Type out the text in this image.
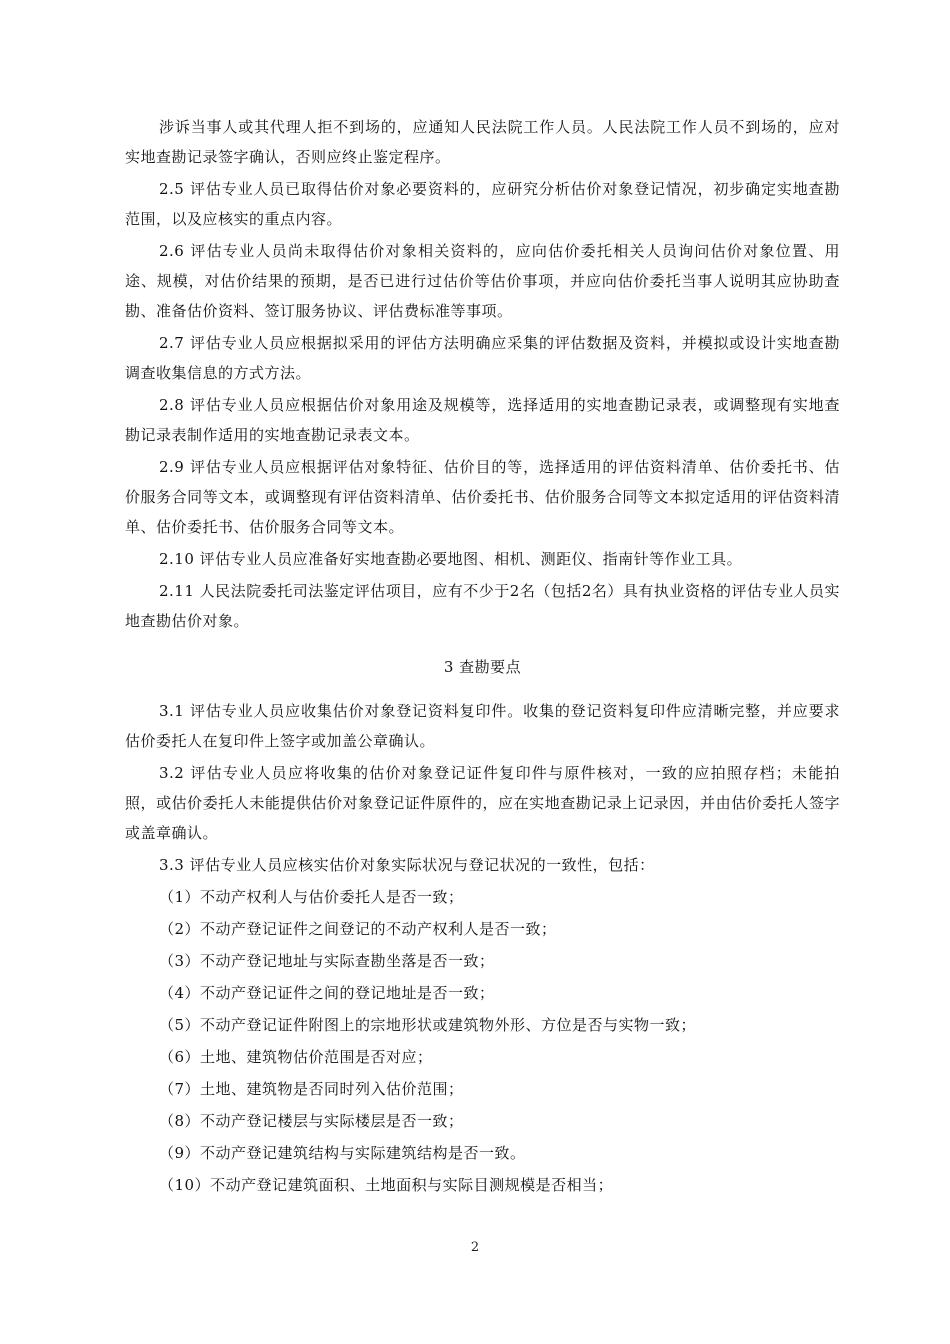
涉诉当事人或其代理人拒不到场的，应通知人民法院工作人员。人民法院工作人员不到场的，应对实地查勘记录签字确认，否则应终止鉴定程序。

2.5 评估专业人员已取得估价对象必要资料的，应研究分析估价对象登记情况，初步确定实地查勘范围，以及应核实的重点内容。

2.6 评估专业人员尚未取得估价对象相关资料的，应向估价委托相关人员询问估价对象位置、用途、规模，对估价结果的预期，是否已进行过估价等估价事项，并应向估价委托当事人说明其应协助查勘、准备估价资料、签订服务协议、评估费标准等事项。

2.7 评估专业人员应根据拟采用的评估方法明确应采集的评估数据及资料，并模拟或设计实地查勘调查收集信息的方式方法。

2.8 评估专业人员应根据估价对象用途及规模等，选择适用的实地查勘记录表，或调整现有实地查勘记录表制作适用的实地查勘记录表文本。

2.9 评估专业人员应根据评估对象特征、估价目的等，选择适用的评估资料清单、估价委托书、估价服务合同等文本，或调整现有评估资料清单、估价委托书、估价服务合同等文本拟定适用的评估资料清单、估价委托书、估价服务合同等文本。

2.10 评估专业人员应准备好实地查勘必要地图、相机、测距仪、指南针等作业工具。

2.11 人民法院委托司法鉴定评估项目，应有不少于2名（包括2名）具有执业资格的评估专业人员实地查勘估价对象。

3 查勘要点

3.1 评估专业人员应收集估价对象登记资料复印件。收集的登记资料复印件应清晰完整，并应要求估价委托人在复印件上签字或加盖公章确认。

3.2 评估专业人员应将收集的估价对象登记证件复印件与原件核对，一致的应拍照存档；未能拍照，或估价委托人未能提供估价对象登记证件原件的，应在实地查勘记录上记录因，并由估价委托人签字或盖章确认。

3.3 评估专业人员应核实估价对象实际状况与登记状况的一致性，包括：

（1）不动产权利人与估价委托人是否一致；

（2）不动产登记证件之间登记的不动产权利人是否一致；

（3）不动产登记地址与实际查勘坐落是否一致；

（4）不动产登记证件之间的登记地址是否一致；

（5）不动产登记证件附图上的宗地形状或建筑物外形、方位是否与实物一致；

（6）土地、建筑物估价范围是否对应；

（7）土地、建筑物是否同时列入估价范围；

（8）不动产登记楼层与实际楼层是否一致；

（9）不动产登记建筑结构与实际建筑结构是否一致。

（10）不动产登记建筑面积、土地面积与实际目测规模是否相当；

2
